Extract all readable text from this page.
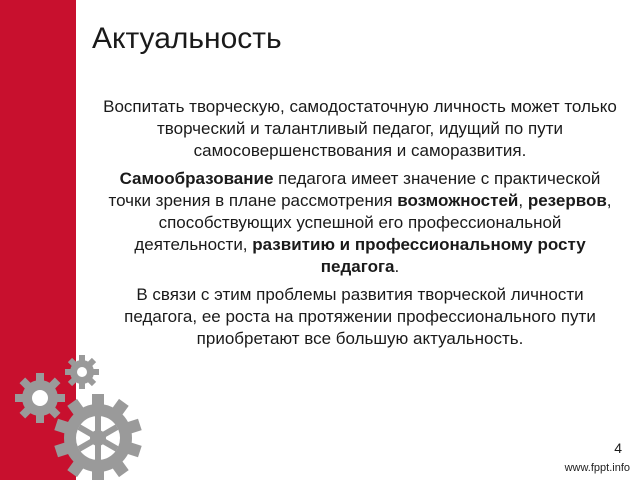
Актуальность

Воспитать творческую, самодостаточную личность может только творческий и талантливый педагог, идущий по пути самосовершенствования и саморазвития.

Самообразование педагога имеет значение с практической точки зрения в плане рассмотрения возможностей, резервов, способствующих успешной его профессиональной деятельности, развитию и профессиональному росту педагога.

В связи с этим проблемы развития творческой личности педагога, ее роста на протяжении профессионального пути приобретают все большую актуальность.

4
www.fppt.info
